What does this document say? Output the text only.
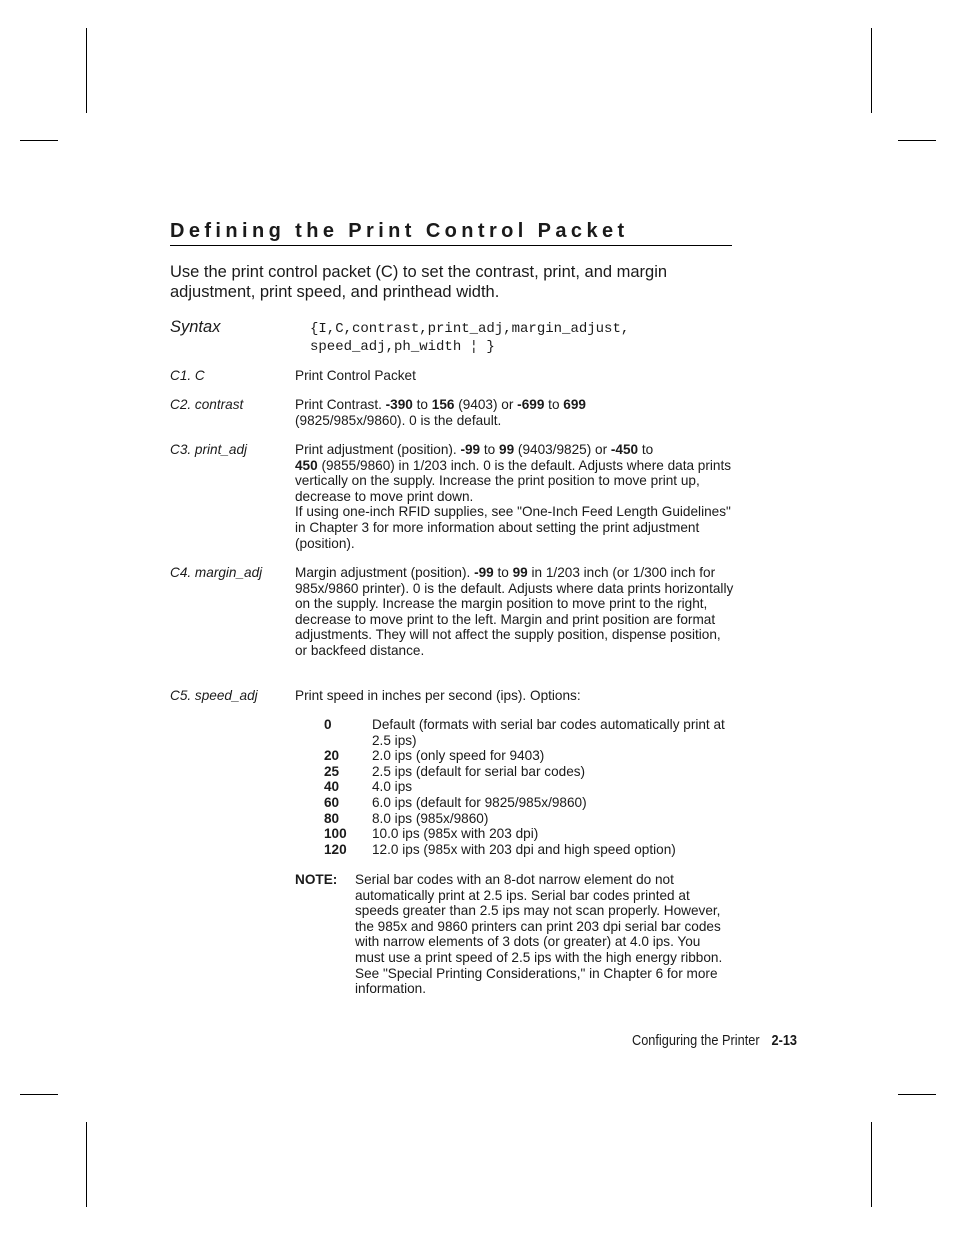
Defining the Print Control Packet
Use the print control packet (C) to set the contrast, print, and margin adjustment, print speed, and printhead width.
Syntax	{I,C,contrast,print_adj,margin_adjust,
speed_adj,ph_width ¦ }
C1. C	Print Control Packet
C2. contrast	Print Contrast. -390 to 156 (9403) or -699 to 699
(9825/985x/9860). 0 is the default.
C3. print_adj	Print adjustment (position). -99 to 99 (9403/9825) or -450 to
450 (9855/9860) in 1/203 inch. 0 is the default. Adjusts where data prints vertically on the supply. Increase the print position to move print up, decrease to move print down.
If using one-inch RFID supplies, see "One-Inch Feed Length Guidelines" in Chapter 3 for more information about setting the print adjustment (position).
C4. margin_adj Margin adjustment (position). -99 to 99 in 1/203 inch (or 1/300 inch for 985x/9860 printer). 0 is the default. Adjusts where data prints horizontally on the supply. Increase the margin position to move print to the right, decrease to move print to the left. Margin and print position are format adjustments. They will not affect the supply position, dispense position, or backfeed distance.
C5. speed_adj	Print speed in inches per second (ips). Options:
0	Default (formats with serial bar codes automatically print at 2.5 ips)
20 2.0 ips (only speed for 9403)
25 2.5 ips (default for serial bar codes)
40 4.0 ips
60 6.0 ips (default for 9825/985x/9860)
80 8.0 ips (985x/9860)
100 10.0 ips (985x with 203 dpi)
120 12.0 ips (985x with 203 dpi and high speed option)
NOTE: Serial bar codes with an 8-dot narrow element do not automatically print at 2.5 ips. Serial bar codes printed at speeds greater than 2.5 ips may not scan properly. However, the 985x and 9860 printers can print 203 dpi serial bar codes with narrow elements of 3 dots (or greater) at 4.0 ips. You must use a print speed of 2.5 ips with the high energy ribbon. See "Special Printing Considerations," in Chapter 6 for more information.
Configuring the Printer 2-13
